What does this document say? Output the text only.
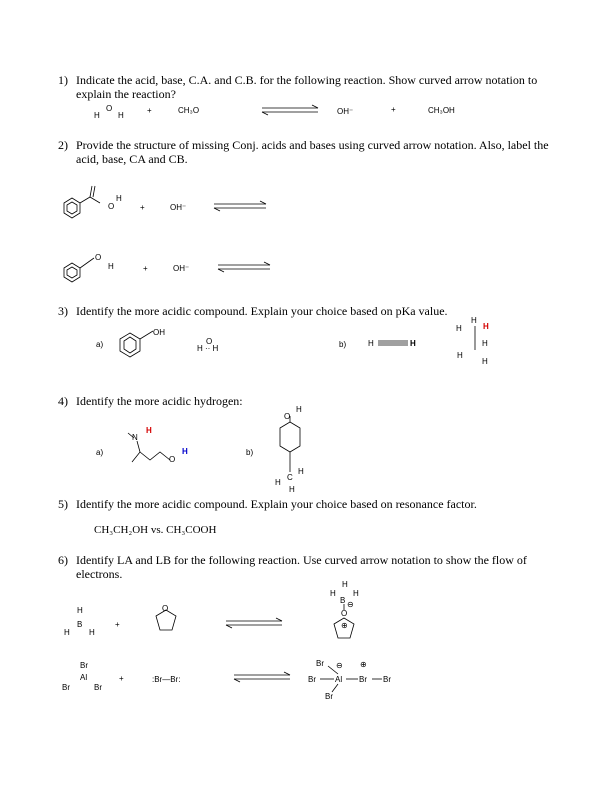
1) Indicate the acid, base, C.A. and C.B. for the following reaction. Show curved arrow notation to explain the reaction?
2) Provide the structure of missing Conj. acids and bases using curved arrow notation. Also, label the acid, base, CA and CB.
3) Identify the more acidic compound. Explain your choice based on pKa value.
4) Identify the more acidic hydrogen:
5) Identify the more acidic compound. Explain your choice based on resonance factor.
6) Identify LA and LB for the following reaction. Use curved arrow notation to show the flow of electrons.
H
O
H
+	CH₃O	OH⁻	+	CH₃OH
+	OH⁻
+	OH⁻
O
H
O
H
a)
OH
O
H ·· H	b)	H	H
H
H
H
H
H
H
a)
N
H
O
H	b)
O
H
C
H
H
H
CH₃CH₂OH vs. CH₃COOH
B
H
H H
+
O
B
H
H H
O
⊖
⊕
Al
Br
Br	Br
+	:Br—Br:
Br
Br Al Br Br
Br
⊖ ⊕
